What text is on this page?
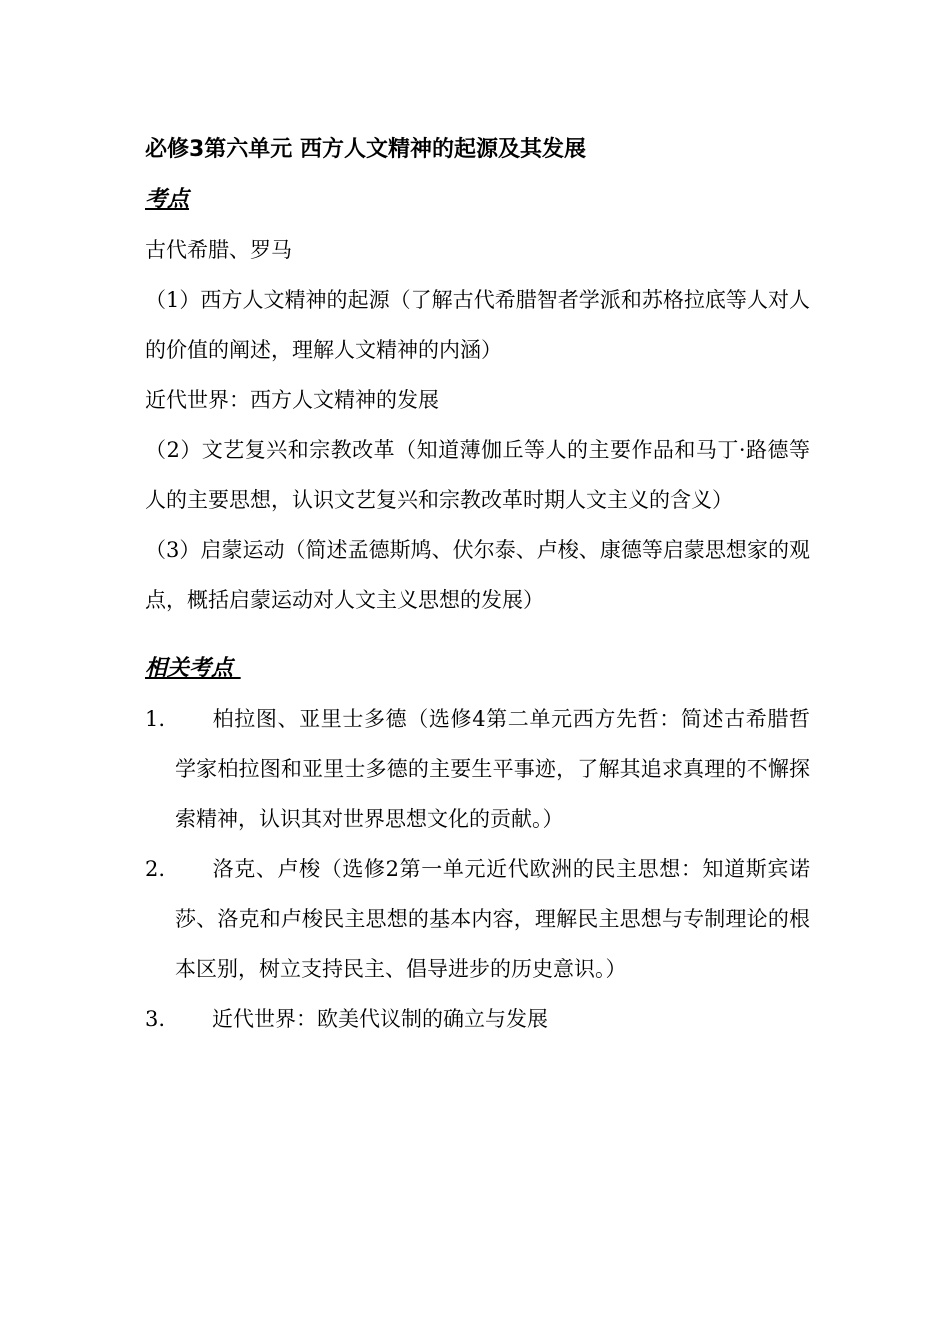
必修3第六单元 西方人文精神的起源及其发展
考点
古代希腊、罗马
（1）西方人文精神的起源（了解古代希腊智者学派和苏格拉底等人对人的价值的阐述，理解人文精神的内涵）
近代世界：西方人文精神的发展
（2）文艺复兴和宗教改革（知道薄伽丘等人的主要作品和马丁·路德等人的主要思想，认识文艺复兴和宗教改革时期人文主义的含义）
（3）启蒙运动（简述孟德斯鸠、伏尔泰、卢梭、康德等启蒙思想家的观点，概括启蒙运动对人文主义思想的发展）
相关考点
1. 柏拉图、亚里士多德（选修4第二单元西方先哲：简述古希腊哲学家柏拉图和亚里士多德的主要生平事迹，了解其追求真理的不懈探索精神，认识其对世界思想文化的贡献。）
2. 洛克、卢梭（选修2第一单元近代欧洲的民主思想：知道斯宾诺莎、洛克和卢梭民主思想的基本内容，理解民主思想与专制理论的根本区别，树立支持民主、倡导进步的历史意识。）
3. 近代世界：欧美代议制的确立与发展
